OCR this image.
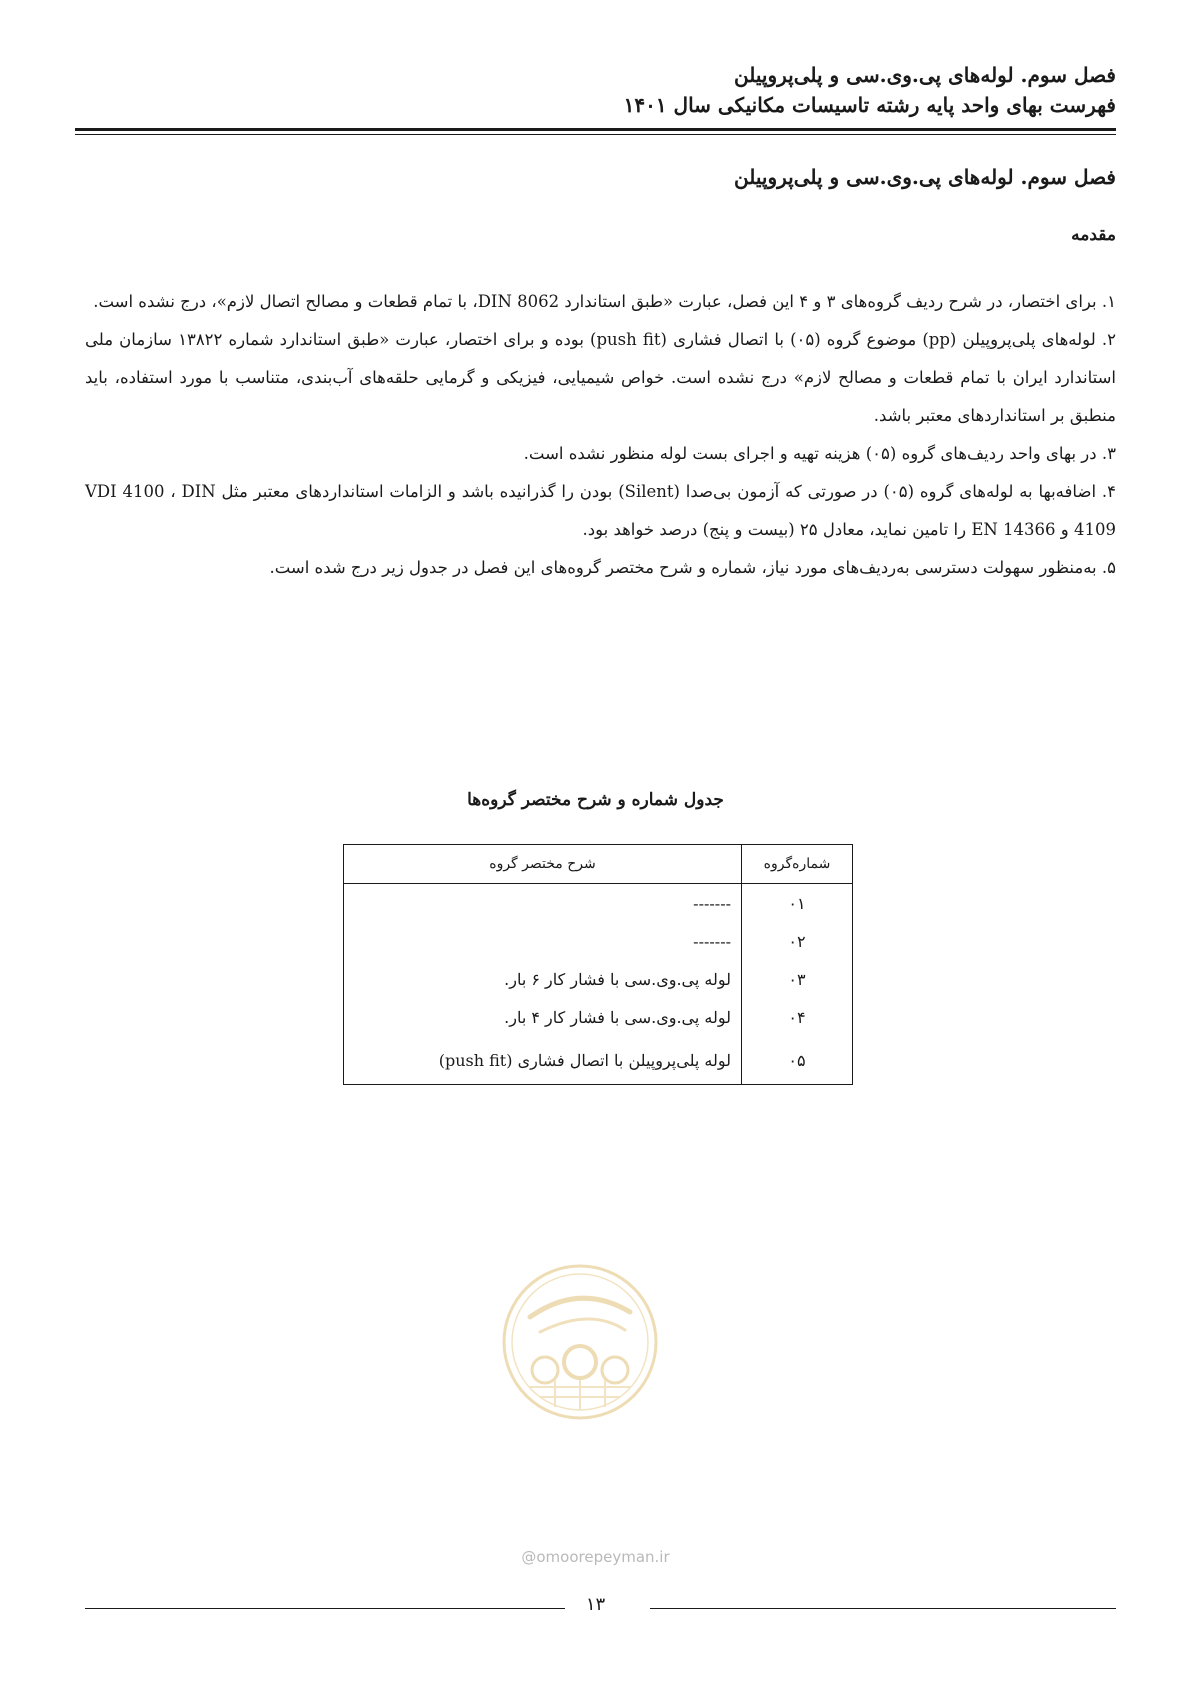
فصل سوم. لوله‌های پی.وی.سی و پلی‌پروپیلن
فهرست بهای واحد پایه رشته تاسیسات مکانیکی سال ۱۴۰۱
فصل سوم. لوله‌های پی.وی.سی و پلی‌پروپیلن
مقدمه

۱. برای اختصار، در شرح ردیف گروه‌های ۳ و ۴ این فصل، عبارت «طبق استاندارد DIN 8062، با تمام قطعات و مصالح اتصال لازم»، درج نشده است.

۲. لوله‌های پلی‌پروپیلن (pp) موضوع گروه (۰۵) با اتصال فشاری (push fit) بوده و برای اختصار، عبارت «طبق استاندارد شماره ۱۳۸۲۲ سازمان ملی استاندارد ایران با تمام قطعات و مصالح لازم» درج نشده است. خواص شیمیایی، فیزیکی و گرمایی حلقه‌های آب‌بندی، متناسب با مورد استفاده، باید منطبق بر استانداردهای معتبر باشد.

۳. در بهای واحد ردیف‌های گروه (۰۵) هزینه تهیه و اجرای بست لوله منظور نشده است.

۴. اضافه‌بها به لوله‌های گروه (۰۵) در صورتی که آزمون بی‌صدا (Silent) بودن را گذرانیده باشد و الزامات استانداردهای معتبر مثل VDI 4100 ، DIN 4109 و EN 14366 را تامین نماید، معادل ۲۵ (بیست و پنج) درصد خواهد بود.

۵. به‌منظور سهولت دسترسی به‌ردیف‌های مورد نیاز، شماره و شرح مختصر گروه‌های این فصل در جدول زیر درج شده است.

جدول شماره و شرح مختصر گروه‌ها
شماره‌گروه	شرح مختصر گروه
۰۱	-------
۰۲	-------
۰۳	لوله پی.وی.سی با فشار کار ۶ بار.
۰۴	لوله پی.وی.سی با فشار کار ۴ بار.
۰۵	لوله پلی‌پروپیلن با اتصال فشاری (push fit)
@omoorepeyman.ir
۱۳
